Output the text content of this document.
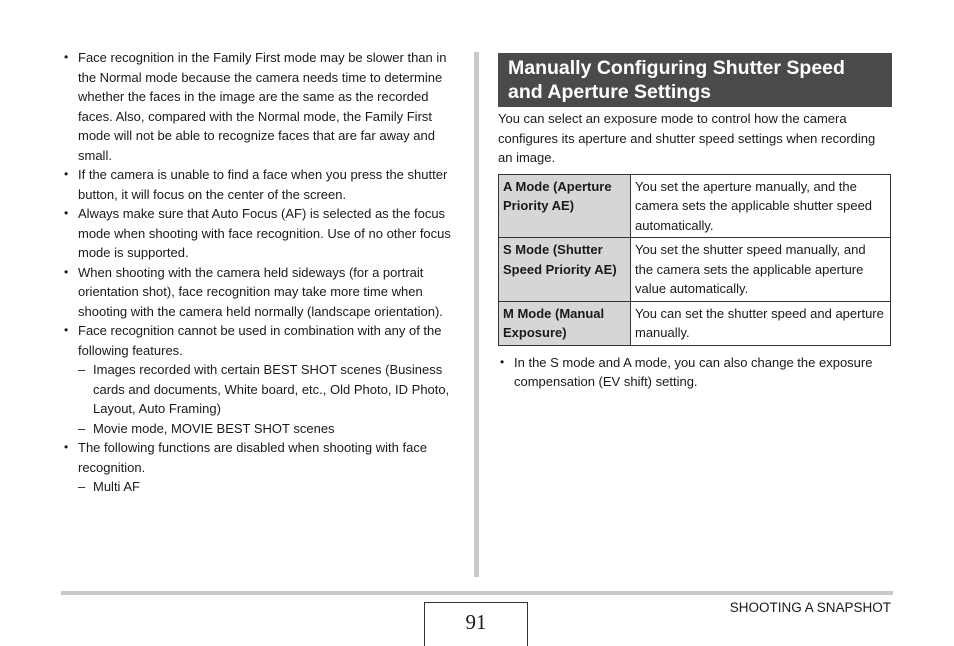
• Face recognition in the Family First mode may be slower than in the Normal mode because the camera needs time to determine whether the faces in the image are the same as the recorded faces. Also, compared with the Normal mode, the Family First mode will not be able to recognize faces that are far away and small.
• If the camera is unable to find a face when you press the shutter button, it will focus on the center of the screen.
• Always make sure that Auto Focus (AF) is selected as the focus mode when shooting with face recognition. Use of no other focus mode is supported.
• When shooting with the camera held sideways (for a portrait orientation shot), face recognition may take more time when shooting with the camera held normally (landscape orientation).
• Face recognition cannot be used in combination with any of the following features.
– Images recorded with certain BEST SHOT scenes (Business cards and documents, White board, etc., Old Photo, ID Photo, Layout, Auto Framing)
– Movie mode, MOVIE BEST SHOT scenes
• The following functions are disabled when shooting with face recognition.
– Multi AF
Manually Configuring Shutter Speed and Aperture Settings

You can select an exposure mode to control how the camera configures its aperture and shutter speed settings when recording an image.

A Mode (Aperture Priority AE)	You set the aperture manually, and the camera sets the applicable shutter speed automatically.
S Mode (Shutter Speed Priority AE)	You set the shutter speed manually, and the camera sets the applicable aperture value automatically.
M Mode (Manual Exposure)	You can set the shutter speed and aperture manually.
• In the S mode and A mode, you can also change the exposure compensation (EV shift) setting.
91
SHOOTING A SNAPSHOT
